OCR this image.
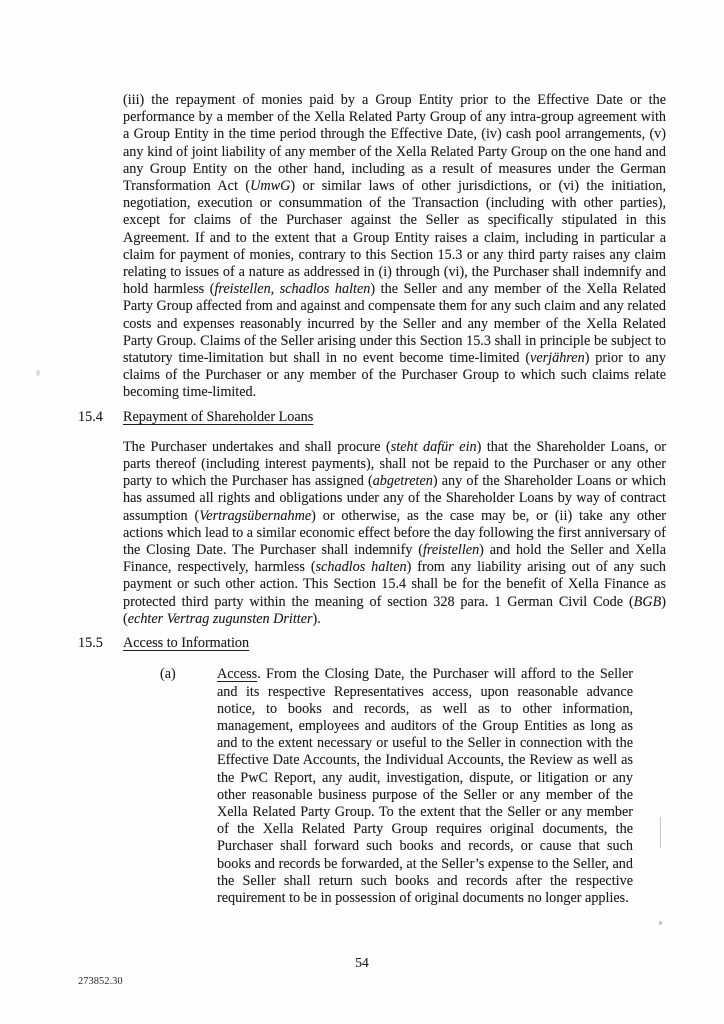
(iii) the repayment of monies paid by a Group Entity prior to the Effective Date or the performance by a member of the Xella Related Party Group of any intra-group agreement with a Group Entity in the time period through the Effective Date, (iv) cash pool arrangements, (v) any kind of joint liability of any member of the Xella Related Party Group on the one hand and any Group Entity on the other hand, including as a result of measures under the German Transformation Act (UmwG) or similar laws of other jurisdictions, or (vi) the initiation, negotiation, execution or consummation of the Transaction (including with other parties), except for claims of the Purchaser against the Seller as specifically stipulated in this Agreement. If and to the extent that a Group Entity raises a claim, including in particular a claim for payment of monies, contrary to this Section 15.3 or any third party raises any claim relating to issues of a nature as addressed in (i) through (vi), the Purchaser shall indemnify and hold harmless (freistellen, schadlos halten) the Seller and any member of the Xella Related Party Group affected from and against and compensate them for any such claim and any related costs and expenses reasonably incurred by the Seller and any member of the Xella Related Party Group. Claims of the Seller arising under this Section 15.3 shall in principle be subject to statutory time-limitation but shall in no event become time-limited (verjähren) prior to any claims of the Purchaser or any member of the Purchaser Group to which such claims relate becoming time-limited.

15.4	Repayment of Shareholder Loans

The Purchaser undertakes and shall procure (steht dafür ein) that the Shareholder Loans, or parts thereof (including interest payments), shall not be repaid to the Purchaser or any other party to which the Purchaser has assigned (abgetreten) any of the Shareholder Loans or which has assumed all rights and obligations under any of the Shareholder Loans by way of contract assumption (Vertragsübernahme) or otherwise, as the case may be, or (ii) take any other actions which lead to a similar economic effect before the day following the first anniversary of the Closing Date. The Purchaser shall indemnify (freistellen) and hold the Seller and Xella Finance, respectively, harmless (schadlos halten) from any liability arising out of any such payment or such other action. This Section 15.4 shall be for the benefit of Xella Finance as protected third party within the meaning of section 328 para. 1 German Civil Code (BGB) (echter Vertrag zugunsten Dritter).

15.5	Access to Information
(a)	Access. From the Closing Date, the Purchaser will afford to the Seller and its respective Representatives access, upon reasonable advance notice, to books and records, as well as to other information, management, employees and auditors of the Group Entities as long as and to the extent necessary or useful to the Seller in connection with the Effective Date Accounts, the Individual Accounts, the Review as well as the PwC Report, any audit, investigation, dispute, or litigation or any other reasonable business purpose of the Seller or any member of the Xella Related Party Group. To the extent that the Seller or any member of the Xella Related Party Group requires original documents, the Purchaser shall forward such books and records, or cause that such books and records be forwarded, at the Seller’s expense to the Seller, and the Seller shall return such books and records after the respective requirement to be in possession of original documents no longer applies.

54
273852.30
